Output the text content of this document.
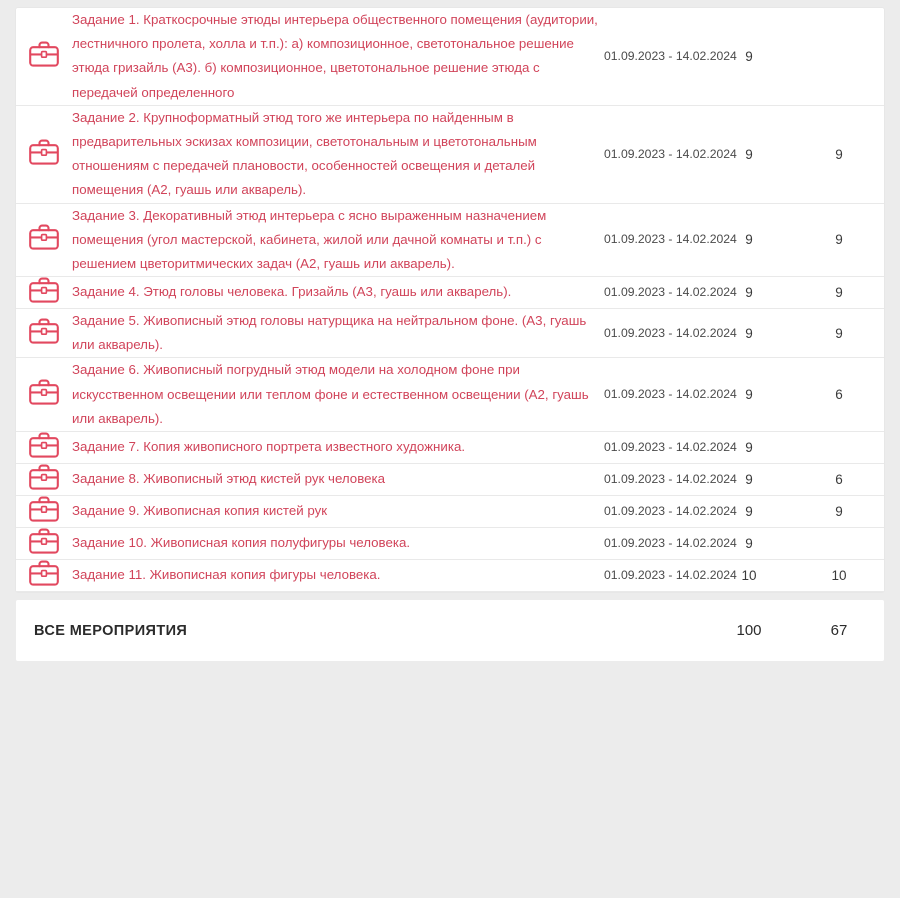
	Задание 1. Краткосрочные этюды интерьера общественного помещения (аудитории, лестничного пролета, холла и т.п.): а) композиционное, светотональное решение этюда гризайль (А3). б) композиционное, цветотональное решение этюда с передачей определенного	01.09.2023 - 14.02.2024	9	

	Задание 2. Крупноформатный этюд того же интерьера по найденным в предварительных эскизах композиции, светотональным и цветотональным отношениям с передачей плановости, особенностей освещения и деталей помещения (А2, гуашь или акварель).	01.09.2023 - 14.02.2024	9	9

	Задание 3. Декоративный этюд интерьера с ясно выраженным назначением помещения (угол мастерской, кабинета, жилой или дачной комнаты и т.п.) с решением цветоритмических задач (А2, гуашь или акварель).	01.09.2023 - 14.02.2024	9	9

	Задание 4. Этюд головы человека. Гризайль (А3, гуашь или акварель).	01.09.2023 - 14.02.2024	9	9

	Задание 5. Живописный этюд головы натурщика на нейтральном фоне. (А3, гуашь или акварель).	01.09.2023 - 14.02.2024	9	9

	Задание 6. Живописный погрудный этюд модели на холодном фоне при искусственном освещении или теплом фоне и естественном освещении (А2, гуашь или акварель).	01.09.2023 - 14.02.2024	9	6

	Задание 7. Копия живописного портрета известного художника.	01.09.2023 - 14.02.2024	9	

	Задание 8. Живописный этюд кистей рук человека	01.09.2023 - 14.02.2024	9	6

	Задание 9. Живописная копия кистей рук	01.09.2023 - 14.02.2024	9	9

	Задание 10. Живописная копия полуфигуры человека.	01.09.2023 - 14.02.2024	9	

	Задание 11. Живописная копия фигуры человека.	01.09.2023 - 14.02.2024	10	10
ВСЕ МЕРОПРИЯТИЯ	100	67
